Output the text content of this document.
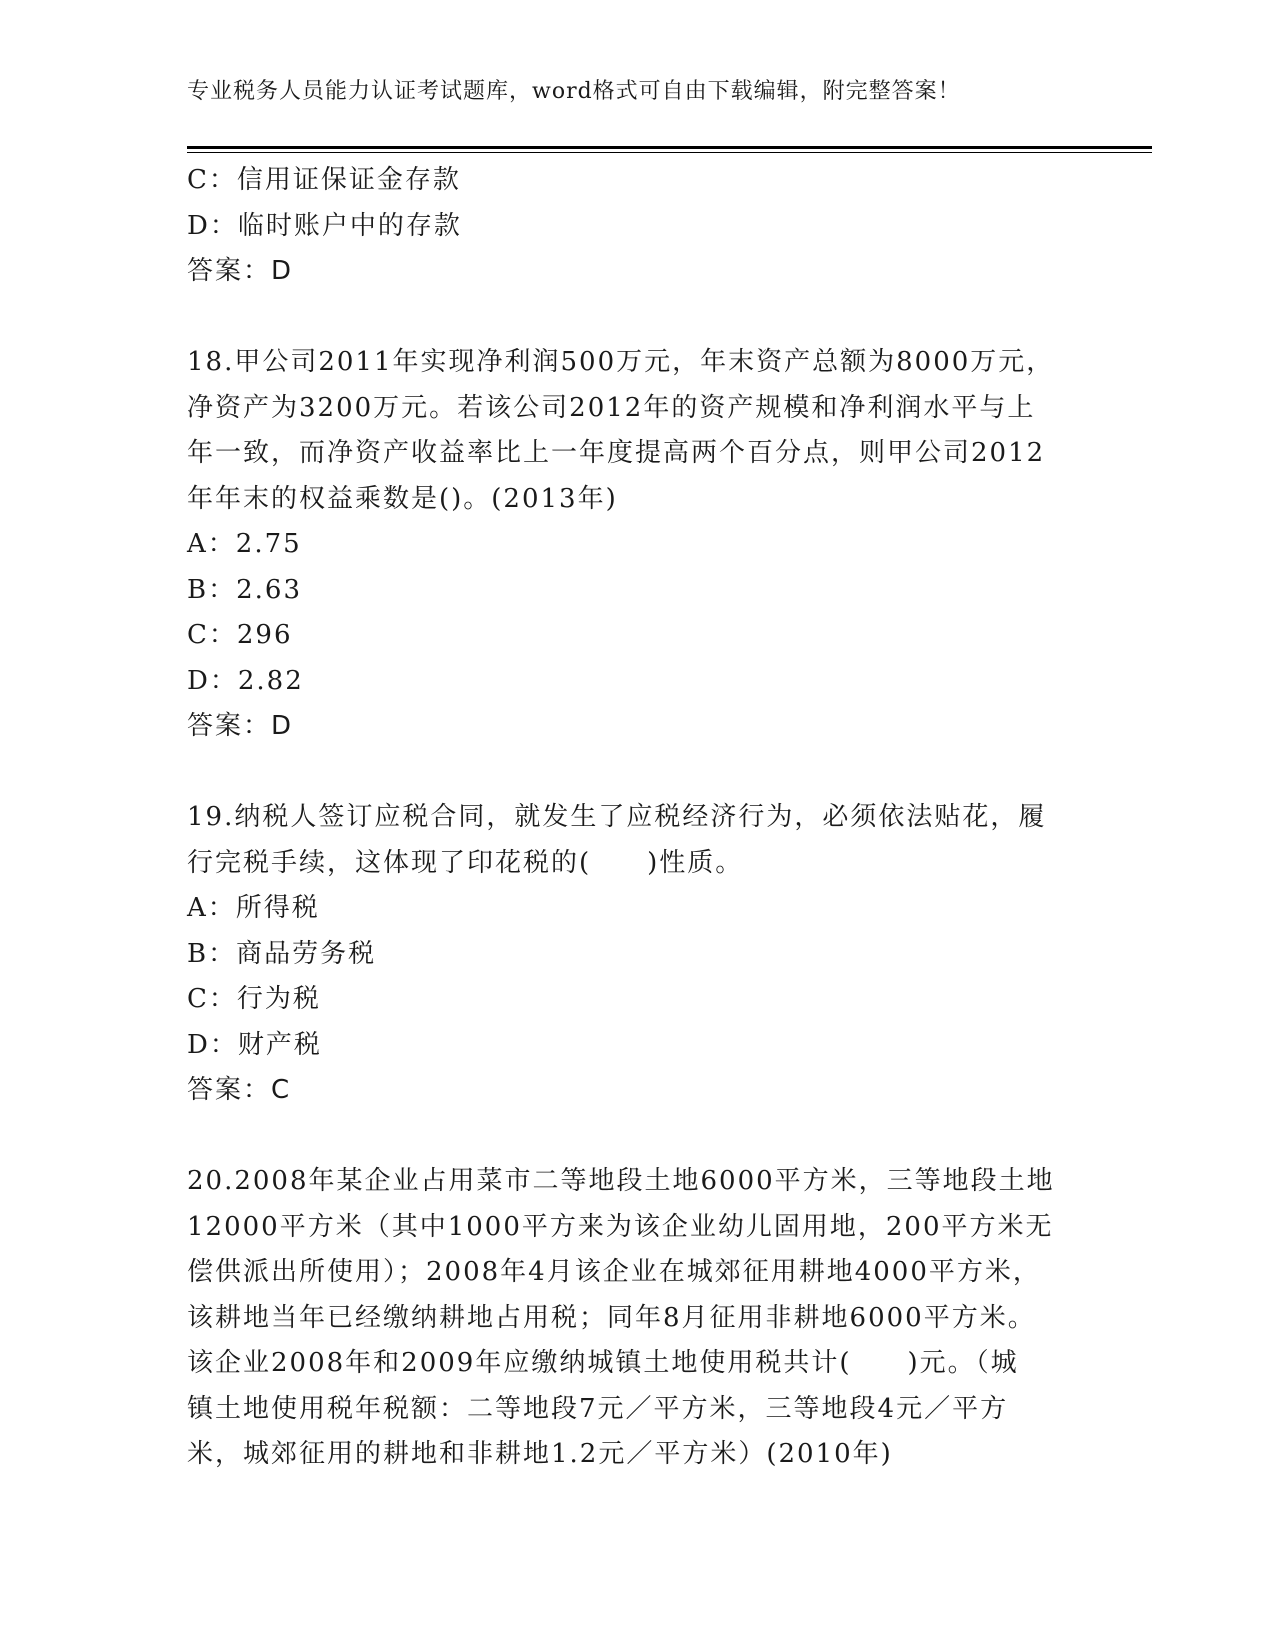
专业税务人员能力认证考试题库，word格式可自由下载编辑，附完整答案！
C：信用证保证金存款
D：临时账户中的存款
答案：D
18.甲公司2011年实现净利润500万元，年末资产总额为8000万元，
净资产为3200万元。若该公司2012年的资产规模和净利润水平与上
年一致，而净资产收益率比上一年度提高两个百分点，则甲公司2012
年年末的权益乘数是()。(2013年)
A：2.75
B：2.63
C：296
D：2.82
答案：D
19.纳税人签订应税合同，就发生了应税经济行为，必须依法贴花，履
行完税手续，这体现了印花税的(　　)性质。
A：所得税
B：商品劳务税
C：行为税
D：财产税
答案：C
20.2008年某企业占用菜市二等地段土地6000平方米，三等地段土地
12000平方米（其中1000平方来为该企业幼儿固用地，200平方米无
偿供派出所使用）；2008年4月该企业在城郊征用耕地4000平方米，
该耕地当年已经缴纳耕地占用税；同年8月征用非耕地6000平方米。
该企业2008年和2009年应缴纳城镇土地使用税共计(　　)元。（城
镇土地使用税年税额：二等地段7元／平方米，三等地段4元／平方
米，城郊征用的耕地和非耕地1.2元／平方米）(2010年)
